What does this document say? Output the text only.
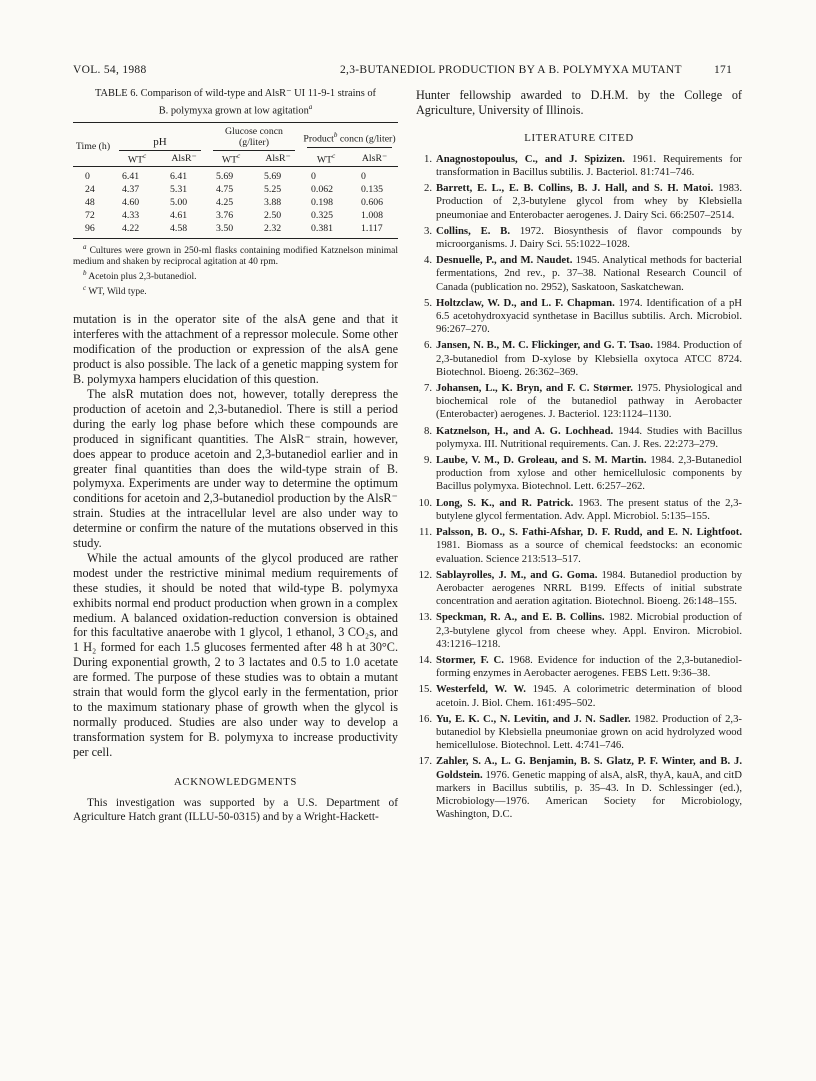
VOL. 54, 1988	2,3-BUTANEDIOL PRODUCTION BY A B. POLYMYXA MUTANT	171
TABLE 6. Comparison of wild-type and AlsR⁻ UI 11-9-1 strains of B. polymyxa grown at low agitation$^a$
Time (h)	pH		Glucose concn (g/liter)		Product$^b$ concn (g/liter)	

	$WT^c$	AlsR⁻	$WT^c$	AlsR⁻	$WT^c$	AlsR⁻

0	6.41	6.41	5.69	5.69	0	0
24	4.37	5.31	4.75	5.25	0.062	0.135
48	4.60	5.00	4.25	3.88	0.198	0.606
72	4.33	4.61	3.76	2.50	0.325	1.008
96	4.22	4.58	3.50	2.32	0.381	1.117
$^a$ Cultures were grown in 250-ml flasks containing modified Katznelson minimal medium and shaken by reciprocal agitation at 40 rpm.
$^b$ Acetoin plus 2,3-butanediol.
$^c$ WT, Wild type.

mutation is in the operator site of the alsA gene and that it interferes with the attachment of a repressor molecule. Some other modification of the production or expression of the alsA gene product is also possible. The lack of a genetic mapping system for B. polymyxa hampers elucidation of this question.

The alsR mutation does not, however, totally derepress the production of acetoin and 2,3-butanediol. There is still a period during the early log phase before which these compounds are produced in significant quantities. The AlsR⁻ strain, however, does appear to produce acetoin and 2,3-butanediol earlier and in greater final quantities than does the wild-type strain of B. polymyxa. Experiments are under way to determine the optimum conditions for acetoin and 2,3-butanediol production by the AlsR⁻ strain. Studies at the intracellular level are also under way to determine or confirm the nature of the mutations observed in this study.

While the actual amounts of the glycol produced are rather modest under the restrictive minimal medium requirements of these studies, it should be noted that wild-type B. polymyxa exhibits normal end product production when grown in a complex medium. A balanced oxidation-reduction conversion is obtained for this facultative anaerobe with 1 glycol, 1 ethanol, 3 CO₂s, and 1 H₂ formed for each 1.5 glucoses fermented after 48 h at 30°C. During exponential growth, 2 to 3 lactates and 0.5 to 1.0 acetate are formed. The purpose of these studies was to obtain a mutant strain that would form the glycol early in the fermentation, prior to the maximum stationary phase of growth when the glycol is normally produced. Studies are also under way to develop a transformation system for B. polymyxa to increase productivity per cell.

ACKNOWLEDGMENTS

This investigation was supported by a U.S. Department of Agriculture Hatch grant (ILLU-50-0315) and by a Wright-Hackett-

Hunter fellowship awarded to D.H.M. by the College of Agriculture, University of Illinois.

LITERATURE CITED
1. Anagnostopoulus, C., and J. Spizizen. 1961. Requirements for transformation in Bacillus subtilis. J. Bacteriol. 81:741–746.
2. Barrett, E. L., E. B. Collins, B. J. Hall, and S. H. Matoi. 1983. Production of 2,3-butylene glycol from whey by Klebsiella pneumoniae and Enterobacter aerogenes. J. Dairy Sci. 66:2507–2514.
3. Collins, E. B. 1972. Biosynthesis of flavor compounds by microorganisms. J. Dairy Sci. 55:1022–1028.
4. Desnuelle, P., and M. Naudet. 1945. Analytical methods for bacterial fermentations, 2nd rev., p. 37–38. National Research Council of Canada (publication no. 2952), Saskatoon, Saskatchewan.
5. Holtzclaw, W. D., and L. F. Chapman. 1974. Identification of a pH 6.5 acetohydroxyacid synthetase in Bacillus subtilis. Arch. Microbiol. 96:267–270.
6. Jansen, N. B., M. C. Flickinger, and G. T. Tsao. 1984. Production of 2,3-butanediol from D-xylose by Klebsiella oxytoca ATCC 8724. Biotechnol. Bioeng. 26:362–369.
7. Johansen, L., K. Bryn, and F. C. Størmer. 1975. Physiological and biochemical role of the butanediol pathway in Aerobacter (Enterobacter) aerogenes. J. Bacteriol. 123:1124–1130.
8. Katznelson, H., and A. G. Lochhead. 1944. Studies with Bacillus polymyxa. III. Nutritional requirements. Can. J. Res. 22:273–279.
9. Laube, V. M., D. Groleau, and S. M. Martin. 1984. 2,3-Butanediol production from xylose and other hemicellulosic components by Bacillus polymyxa. Biotechnol. Lett. 6:257–262.
10. Long, S. K., and R. Patrick. 1963. The present status of the 2,3-butylene glycol fermentation. Adv. Appl. Microbiol. 5:135–155.
11. Palsson, B. O., S. Fathi-Afshar, D. F. Rudd, and E. N. Lightfoot. 1981. Biomass as a source of chemical feedstocks: an economic evaluation. Science 213:513–517.
12. Sablayrolles, J. M., and G. Goma. 1984. Butanediol production by Aerobacter aerogenes NRRL B199. Effects of initial substrate concentration and aeration agitation. Biotechnol. Bioeng. 26:148–155.
13. Speckman, R. A., and E. B. Collins. 1982. Microbial production of 2,3-butylene glycol from cheese whey. Appl. Environ. Microbiol. 43:1216–1218.
14. Stormer, F. C. 1968. Evidence for induction of the 2,3-butanediol-forming enzymes in Aerobacter aerogenes. FEBS Lett. 9:36–38.
15. Westerfeld, W. W. 1945. A colorimetric determination of blood acetoin. J. Biol. Chem. 161:495–502.
16. Yu, E. K. C., N. Levitin, and J. N. Sadler. 1982. Production of 2,3-butanediol by Klebsiella pneumoniae grown on acid hydrolyzed wood hemicellulose. Biotechnol. Lett. 4:741–746.
17. Zahler, S. A., L. G. Benjamin, B. S. Glatz, P. F. Winter, and B. J. Goldstein. 1976. Genetic mapping of alsA, alsR, thyA, kauA, and citD markers in Bacillus subtilis, p. 35–43. In D. Schlessinger (ed.), Microbiology—1976. American Society for Microbiology, Washington, D.C.
